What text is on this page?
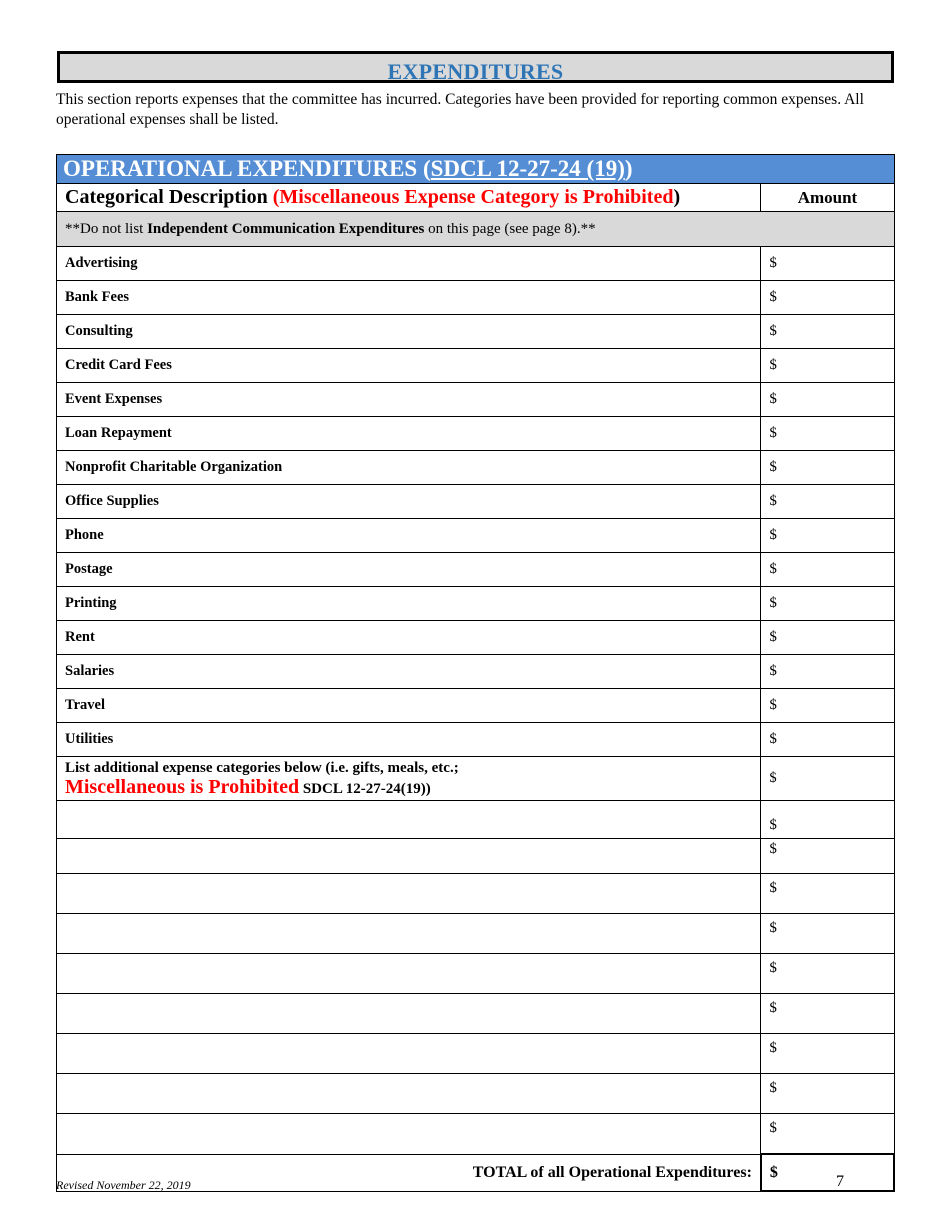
EXPENDITURES
This section reports expenses that the committee has incurred. Categories have been provided for reporting common expenses. All operational expenses shall be listed.
OPERATIONAL EXPENDITURES (SDCL 12-27-24 (19))	
Categorical Description (Miscellaneous Expense Category is Prohibited)	Amount
**Do not list Independent Communication Expenditures on this page (see page 8).**	
Advertising	$
Bank Fees	$
Consulting	$
Credit Card Fees	$
Event Expenses	$
Loan Repayment	$
Nonprofit Charitable Organization	$
Office Supplies	$
Phone	$
Postage	$
Printing	$
Rent	$
Salaries	$
Travel	$
Utilities	$
List additional expense categories below (i.e. gifts, meals, etc.;
Miscellaneous is Prohibited SDCL 12-27-24(19))	$
	$
	$
	$
	$
	$
	$
	$
	$
	$
TOTAL of all Operational Expenditures:	$
Revised November 22, 2019	7
